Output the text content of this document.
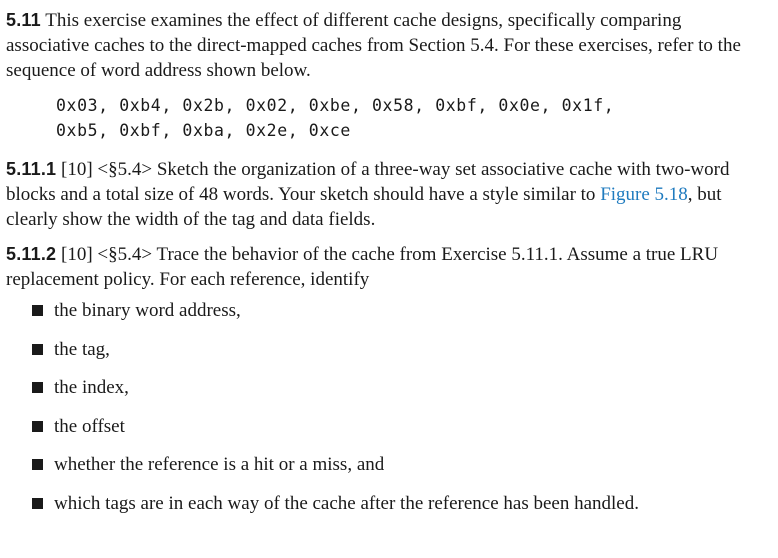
5.11 This exercise examines the effect of different cache designs, specifically comparing associative caches to the direct-mapped caches from Section 5.4. For these exercises, refer to the sequence of word address shown below.

0x03, 0xb4, 0x2b, 0x02, 0xbe, 0x58, 0xbf, 0x0e, 0x1f,
0xb5, 0xbf, 0xba, 0x2e, 0xce

5.11.1 [10] <§5.4> Sketch the organization of a three-way set associative cache with two-word blocks and a total size of 48 words. Your sketch should have a style similar to Figure 5.18, but clearly show the width of the tag and data fields.

5.11.2 [10] <§5.4> Trace the behavior of the cache from Exercise 5.11.1. Assume a true LRU replacement policy. For each reference, identify

the binary word address,
the tag,
the index,
the offset
whether the reference is a hit or a miss, and
which tags are in each way of the cache after the reference has been handled.
